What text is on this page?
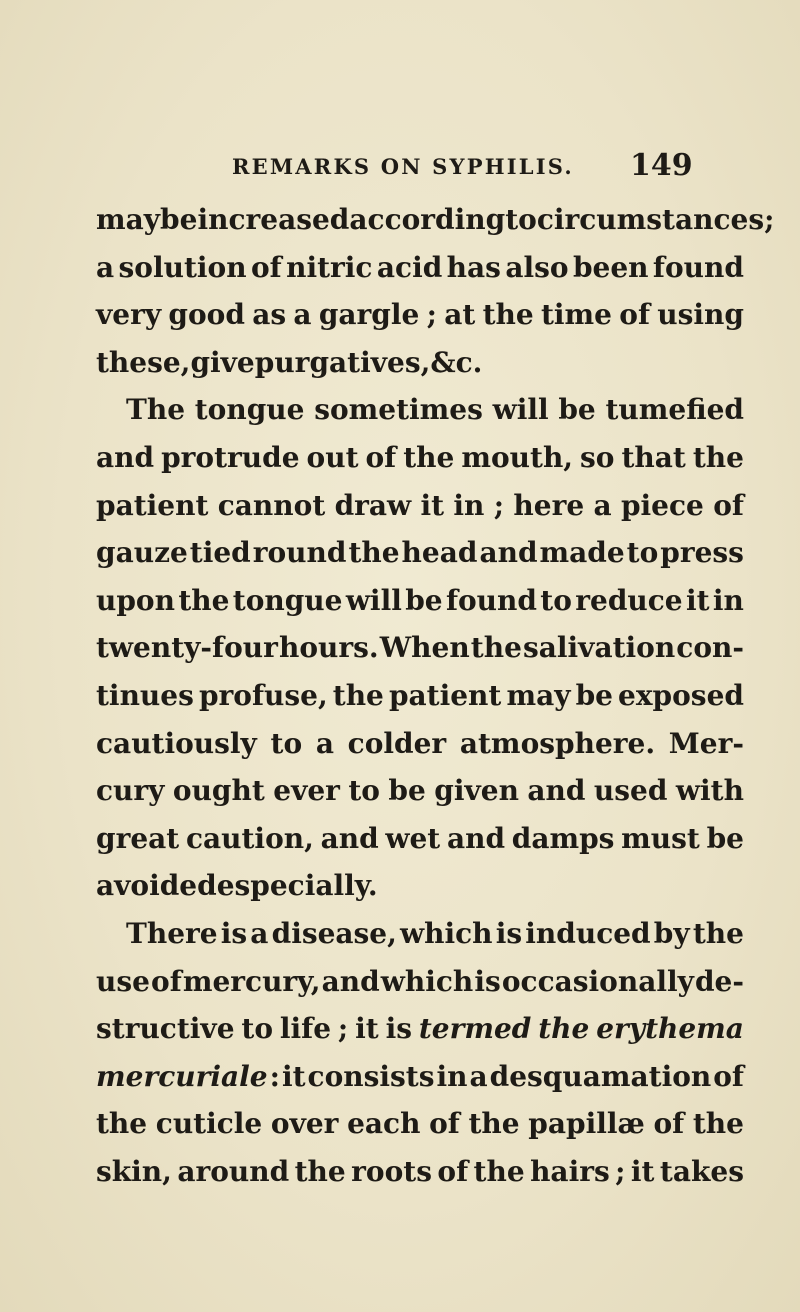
REMARKS ON SYPHILIS. 149
may be increased according to circumstances ;
a solution of nitric acid has also been found
very good as a gargle ; at the time of using
these, give purgatives, &c.
The tongue sometimes will be tumefied
and protrude out of the mouth, so that the
patient cannot draw it in ; here a piece of
gauze tied round the head and made to press
upon the tongue will be found to reduce it in
twenty-four hours. When the salivation con-
tinues profuse, the patient may be exposed
cautiously to a colder atmosphere. Mer-
cury ought ever to be given and used with
great caution, and wet and damps must be
avoided especially.
There is a disease, which is induced by the
use of mercury, and which is occasionally de-
structive to life ; it is termed the erythema
mercuriale : it consists in a desquamation of
the cuticle over each of the papillæ of the
skin, around the roots of the hairs ; it takes
